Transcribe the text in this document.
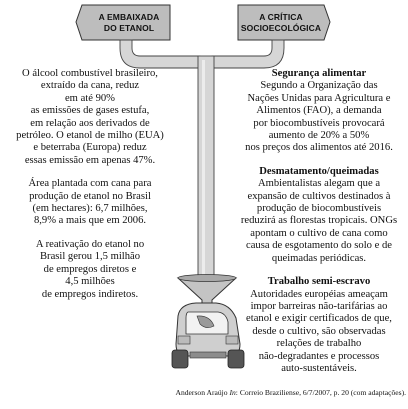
A EMBAIXADA
DO ETANOL
A CRÍTICA
SOCIOECOLÓGICA
O álcool combustível brasileiro,
extraído da cana, reduz
em até 90%
as emissões de gases estufa,
em relação aos derivados de
petróleo. O etanol de milho (EUA)
e beterraba (Europa) reduz
essas emissão em apenas 47%.
Área plantada com cana para
produção de etanol no Brasil
(em hectares): 6,7 milhões,
8,9% a mais que em 2006.
A reativação do etanol no
Brasil gerou 1,5 milhão
de empregos diretos e
4,5 milhões
de empregos indiretos.
Segurança alimentar
Segundo a Organização das
Nações Unidas para Agricultura e
Alimentos (FAO), a demanda
por biocombustíveis provocará
aumento de 20% a 50%
nos preços dos alimentos até 2016.
Desmatamento/queimadas
Ambientalistas alegam que a
expansão de cultivos destinados à
produção de biocombustíveis
reduzirá as florestas tropicais. ONGs
apontam o cultivo de cana como
causa de esgotamento do solo e de
queimadas periódicas.
Trabalho semi-escravo
Autoridades européias ameaçam
impor barreiras não-tarifárias ao
etanol e exigir certificados de que,
desde o cultivo, são observadas
relações de trabalho
não-degradantes e processos
auto-sustentáveis.
Anderson Araújo In: Correio Braziliense, 6/7/2007, p. 20 (com adaptações).
